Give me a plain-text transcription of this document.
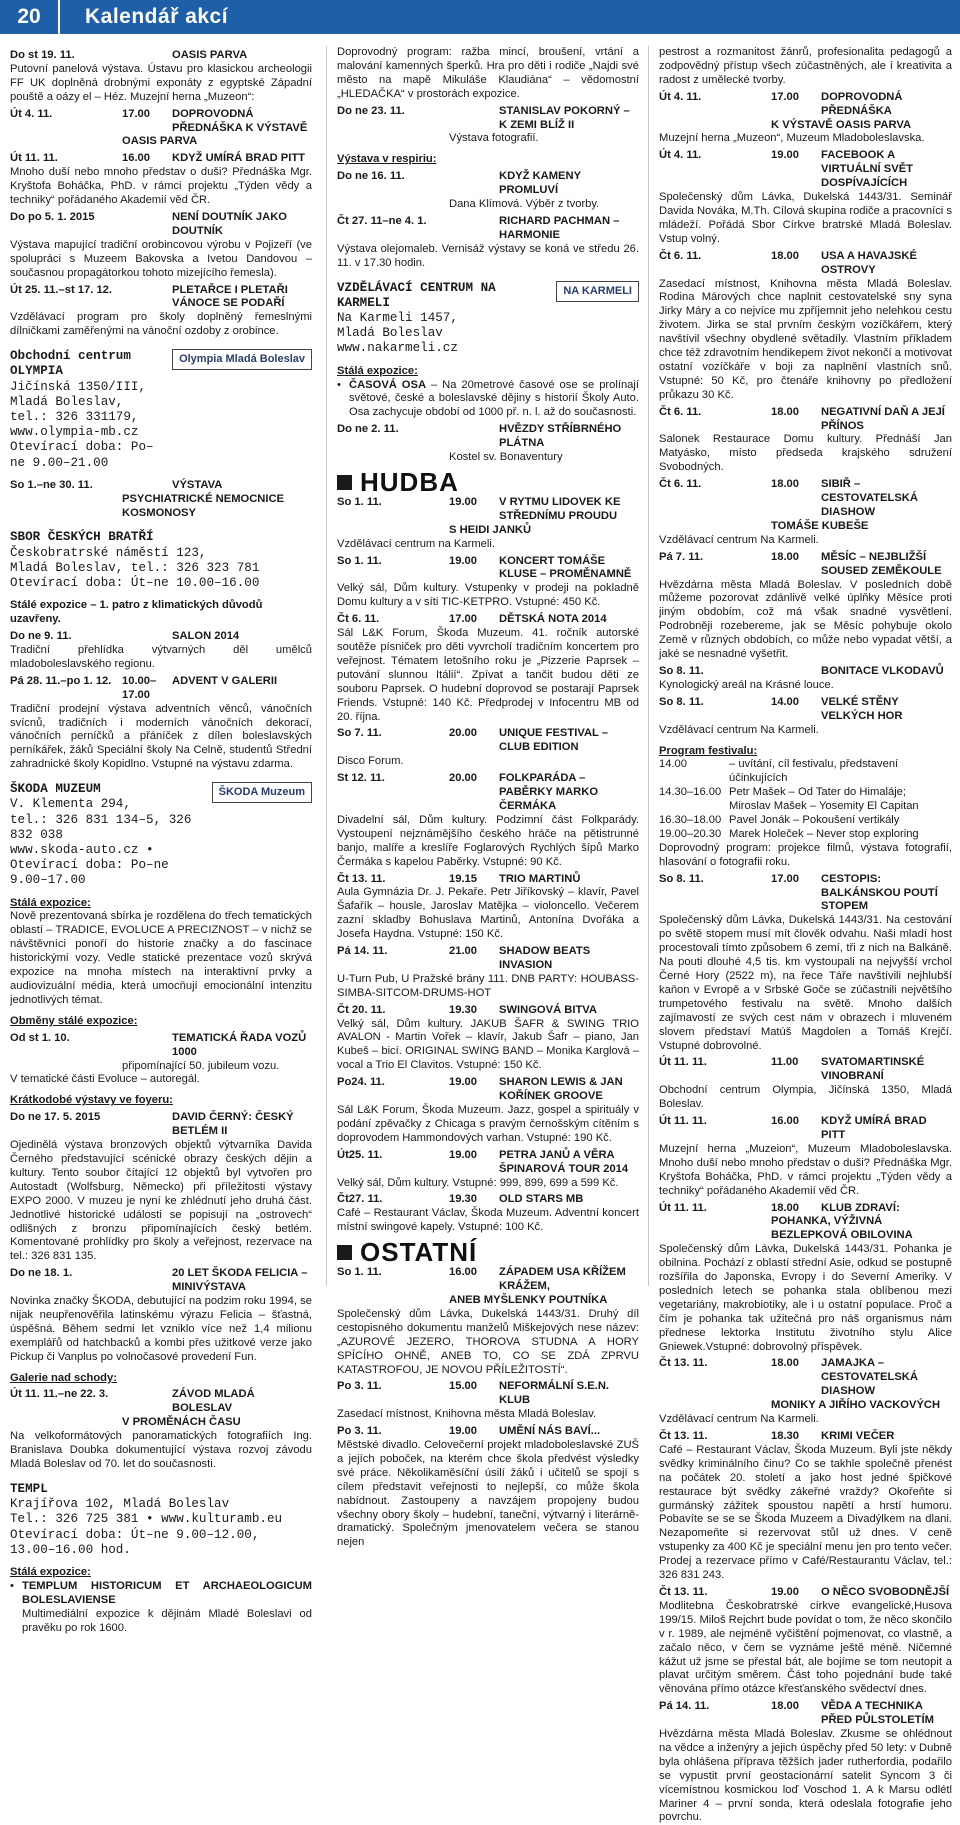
20	Kalendář akcí
Do st 19. 11.	OASIS PARVA

Putovní panelová výstava. Ústavu pro klasickou archeologii FF UK doplněná drobnými exponáty z egyptské Západní pouště a oázy el – Héz. Muzejní herna „Muzeon“:

Út 4. 11.	17.00	DOPROVODNÁ PŘEDNÁŠKA K VÝSTAVĚ
OASIS PARVA
Út 11. 11.	16.00	KDYŽ UMÍRÁ BRAD PITT

Mnoho duší nebo mnoho představ o duši? Přednáška Mgr. Kryštofa Boháčka, PhD. v rámci projektu „Týden vědy a techniky“ pořádaného Akademií věd ČR.

Do po 5. 1. 2015	NENÍ DOUTNÍK JAKO DOUTNÍK

Výstava mapující tradiční orobincovou výrobu v Pojizeří (ve spolupráci s Muzeem Bakovska a Ivetou Dandovou – současnou propagátorkou tohoto mizejícího řemesla).

Út 25. 11.–st 17. 12.	PLETAŘCE I PLETAŘI VÁNOCE SE PODAŘÍ

Vzdělávací program pro školy doplněný řemeslnými dílničkami zaměřenými na vánoční ozdoby z orobince.

Obchodní centrum OLYMPIA
Jičínská 1350/III, Mladá Boleslav,
tel.: 326 331179, www.olympia-mb.cz
Otevírací doba: Po–ne 9.00–21.00
Olympia Mladá Boleslav
So 1.–ne 30. 11.	VÝSTAVA
PSYCHIATRICKÉ NEMOCNICE KOSMONOSY
SBOR ČESKÝCH BRATŘÍ
Českobratrské náměstí 123,
Mladá Boleslav, tel.: 326 323 781
Otevírací doba: Út–ne 10.00–16.00

Stálé expozice – 1. patro z klimatických důvodů uzavřeny.

Do ne 9. 11.	SALON 2014

Tradiční přehlídka výtvarných děl umělců mladoboleslavského regionu.

Pá 28. 11.–po 1. 12. 10.00–17.00
ADVENT V GALERII

Tradiční prodejní výstava adventních věnců, vánočních svícnů, tradičních i moderních vánočních dekorací, vánočních perníčků a přáníček z dílen boleslavských perníkářek, žáků Speciální školy Na Celně, studentů Střední zahradnické školy Kopidlno. Vstupné na výstavu zdarma.

ŠKODA MUZEUM
V. Klementa 294,
tel.: 326 831 134–5, 326 832 038
www.skoda-auto.cz • Otevírací doba: Po–ne 9.00–17.00
ŠKODA Muzeum
Stálá expozice:

Nově prezentovaná sbírka je rozdělena do třech tematických oblastí – TRADICE, EVOLUCE A PRECIZNOST – v nichž se návštěvníci ponoří do historie značky a do fascinace historickými vozy. Vedle statické prezentace vozů skrývá expozice na mnoha místech na interaktivní prvky a audiovizuální média, která umocňují emocionální intenzitu jednotlivých témat.

Obměny stálé expozice:
Od st 1. 10.	TEMATICKÁ ŘADA VOZŮ 1000
připomínající 50. jubileum vozu.

V tematické části Evoluce – autoregál.

Krátkodobé výstavy ve foyeru:
Do ne 17. 5. 2015	DAVID ČERNÝ: ČESKÝ BETLÉM II

Ojedinělá výstava bronzových objektů výtvarníka Davida Černého představující scénické obrazy českých dějin a kultury. Tento soubor čítající 12 objektů byl vytvořen pro Autostadt (Wolfsburg, Německo) při příležitosti výstavy EXPO 2000. V muzeu je nyní ke zhlédnutí jeho druhá část. Jednotlivé historické události se popisují na „ostrovech“ odlišných z bronzu připomínajících český betlém. Komentované prohlídky pro školy a veřejnost, rezervace na tel.: 326 831 135.

Do ne 18. 1.	20 LET ŠKODA FELICIA – MINIVÝSTAVA

Novinka značky ŠKODA, debutující na podzim roku 1994, se nijak neupřenověřila latinskému výrazu Felicia – šťastná, úspěšná. Během sedmi let vzniklo více než 1,4 milionu exemplářů od hatchbacků a kombi přes užitkové verze jako Pickup či Vanplus po volnočasové provedení Fun.

Galerie nad schody:
Út 11. 11.–ne 22. 3.	ZÁVOD MLADÁ BOLESLAV
V PROMĚNÁCH ČASU

Na velkoformátových panoramatických fotografiích Ing. Branislava Doubka dokumentující výstava rozvoj závodu Mladá Boleslav od 70. let do současnosti.

TEMPL
Krajířova 102, Mladá Boleslav
Tel.: 326 725 381 • www.kulturamb.eu
Otevírací doba: Út–ne 9.00–12.00, 13.00–16.00 hod.
Stálá expozice:
• TEMPLUM HISTORICUM ET ARCHAEOLOGICUM BOLESLAVIENSE
Multimediální expozice k dějinám Mladé Boleslavi od pravěku po rok 1600.

Doprovodný program: ražba mincí, broušení, vrtání a malování kamenných šperků. Hra pro děti i rodiče „Najdi své město na mapě Mikuláše Klaudiána“ – vědomostní „HLEDAČKA“ v prostorách expozice.

Do ne 23. 11.	STANISLAV POKORNÝ – K ZEMI BLÍŽ II
Výstava fotografií.
Výstava v respiriu:
Do ne 16. 11.	KDYŽ KAMENY PROMLUVÍ
Dana Klímová. Výběr z tvorby.
Čt 27. 11–ne 4. 1.	RICHARD PACHMAN – HARMONIE

Výstava olejomaleb. Vernisáž výstavy se koná ve středu 26. 11. v 17.30 hodin.

VZDĚLÁVACÍ CENTRUM NA KARMELI
Na Karmeli 1457,
Mladá Boleslav
www.nakarmeli.cz
NA KARMELI
Stálá expozice:
• ČASOVÁ OSA – Na 20metrové časové ose se prolínají světové, české a boleslavské dějiny s historií Školy Auto. Osa zachycuje období od 1000 př. n. l. až do současnosti.
Do ne 2. 11.	HVĚZDY STŘÍBRNÉHO PLÁTNA
Kostel sv. Bonaventury
HUDBA
So 1. 11.	19.00	V RYTMU LIDOVEK KE STŘEDNÍMU PROUDU
S HEIDI JANKŮ

Vzdělávací centrum na Karmeli.

So 1. 11.	19.00	KONCERT TOMÁŠE KLUSE – PROMĚNAMNĚ

Velký sál, Dům kultury. Vstupenky v prodeji na pokladně Domu kultury a v síti TIC-KETPRO. Vstupné: 450 Kč.

Čt 6. 11.	17.00	DĚTSKÁ NOTA 2014

Sál L&K Forum, Škoda Muzeum. 41. ročník autorské soutěže písniček pro děti vyvrcholí tradičním koncertem pro veřejnost. Tématem letošního roku je „Pizzerie Paprsek – putování slunnou Itálií“. Zpívat a tančit budou děti ze souboru Paprsek. O hudební doprovod se postarají Paprsek Friends. Vstupné: 140 Kč. Předprodej v Infocentru MB od 20. října.

So 7. 11.	20.00	UNIQUE FESTIVAL – CLUB EDITION

Disco Forum.

St 12. 11.	20.00	FOLKPARÁDA – PABĚRKY MARKO ČERMÁKA

Divadelní sál, Dům kultury. Podzimní část Folkparády. Vystoupení nejznámějšího českého hráče na pětistrunné banjo, malíře a kreslíře Foglarových Rychlých šípů Marko Čermáka s kapelou Paběrky. Vstupné: 90 Kč.

Čt 13. 11.	19.15	TRIO MARTINŮ

Aula Gymnázia Dr. J. Pekaře. Petr Jiříkovský – klavír, Pavel Šafařík – housle, Jaroslav Matějka – violoncello. Večerem zazní skladby Bohuslava Martinů, Antonína Dvořáka a Josefa Haydna. Vstupné: 150 Kč.

Pá 14. 11.	21.00	SHADOW BEATS INVASION

U-Turn Pub, U Pražské brány 111. DNB PARTY: HOUBASS-SIMBA-SITCOM-DRUMS-HOT

Čt 20. 11.	19.30	SWINGOVÁ BITVA

Velký sál, Dům kultury. JAKUB ŠAFR & SWING TRIO AVALON - Martin Vořek – klavír, Jakub Šafr – piano, Jan Kubeš – bicí. ORIGINAL SWING BAND – Monika Karglová – vocal a Trio El Clavitos. Vstupné: 150 Kč.

Po24. 11.	19.00	SHARON LEWIS & JAN KOŘÍNEK GROOVE

Sál L&K Forum, Škoda Muzeum. Jazz, gospel a spirituály v podání zpěvačky z Chicaga s pravým černošským cítěním s doprovodem Hammondových varhan. Vstupné: 190 Kč.

Út25. 11.	19.00	PETRA JANŮ A VĚRA ŠPINAROVÁ TOUR 2014

Velký sál, Dům kultury. Vstupné: 999, 899, 699 a 599 Kč.

Čt27. 11.	19.30	OLD STARS MB

Café – Restaurant Václav, Škoda Muzeum. Adventní koncert místní swingové kapely. Vstupné: 100 Kč.

OSTATNÍ
So 1. 11.	16.00	ZÁPADEM USA KŘÍŽEM KRÁŽEM,
ANEB MYŠLENKY POUTNÍKA

Společenský dům Lávka, Dukelská 1443/31. Druhý díl cestopisného dokumentu manželů Miškejových nese název: „AZUROVÉ JEZERO, THOROVA STUDNA A HORY SPÍCÍHO OHNĚ, ANEB TO, CO SE ZDÁ ZPRVU KATASTROFOU, JE NOVOU PŘÍLEŽITOSTÍ“.

Po 3. 11.	15.00	NEFORMÁLNÍ S.E.N. KLUB

Zasedací místnost, Knihovna města Mladá Boleslav.

Po 3. 11.	19.00	UMĚNÍ NÁS BAVÍ...

Městské divadlo. Celovečerní projekt mladoboleslavské ZUŠ a jejích poboček, na kterém chce škola předvést výsledky své práce. Několikaměsíční úsilí žáků i učitelů se spojí s cílem představit veřejnosti to nejlepší, co může škola nabídnout. Zastoupeny a navzájem propojeny budou všechny obory školy – hudební, taneční, výtvarný i literárně-dramatický. Společným jmenovatelem večera se stanou nejen

pestrost a rozmanitost žánrů, profesionalita pedagogů a zodpovědný přístup všech zúčastněných, ale i kreativita a radost z umělecké tvorby.

Út 4. 11.	17.00	DOPROVODNÁ PŘEDNÁŠKA
K VÝSTAVĚ OASIS PARVA

Muzejní herna „Muzeon“, Muzeum Mladoboleslavska.

Út 4. 11.	19.00	FACEBOOK A VIRTUÁLNÍ SVĚT DOSPÍVAJÍCÍCH

Společenský dům Lávka, Dukelská 1443/31. Seminář Davida Nováka, M.Th. Cílová skupina rodiče a pracovníci s mládeží. Pořádá Sbor Církve bratrské Mladá Boleslav. Vstup volný.

Čt 6. 11.	18.00	USA A HAVAJSKÉ OSTROVY

Zasedací místnost, Knihovna města Mladá Boleslav. Rodina Márových chce naplnit cestovatelské sny syna Jirky Máry a co nejvíce mu zpříjemnit jeho nelehkou cestu životem. Jirka se stal prvním českým vozíčkářem, který navštívil všechny obydlené světadíly. Vlastním příkladem chce též zdravotním hendikepem život nekončí a motivovat ostatní vozíčkáře v boji za naplnění vlastních snů. Vstupné: 50 Kč, pro čtenáře knihovny po předložení průkazu 30 Kč.

Čt 6. 11.	18.00	NEGATIVNÍ DAŇ A JEJÍ PŘÍNOS

Salonek Restaurace Domu kultury. Přednáší Jan Matyásko, místo předseda krajského sdružení Svobodných.

Čt 6. 11.	18.00	SIBIŘ – CESTOVATELSKÁ DIASHOW
TOMÁŠE KUBEŠE

Vzdělávací centrum Na Karmeli.

Pá 7. 11.	18.00	MĚSÍC – NEJBLIŽŠÍ SOUSED ZEMĚKOULE

Hvězdárna města Mladá Boleslav. V posledních době můžeme pozorovat zdánlivě velké úplňky Měsíce proti jiným obdobím, což má však snadné vysvětlení. Podrobněji rozebereme, jak se Měsíc pohybuje okolo Země v různých obdobích, co může nebo vypadat větší, a jaké se nesnadné vyšetřit.

So 8. 11.	BONITACE VLKODAVŮ

Kynologický areál na Krásné louce.

So 8. 11.	14.00	VELKÉ STĚNY VELKÝCH HOR

Vzdělávací centrum Na Karmeli.

Program festivalu:
14.00	– uvítání, cíl festivalu, představení účinkujících
14.30–16.00 Petr Mašek – Od Tater do Himaláje;
Miroslav Mašek – Yosemity El Capitan
16.30–18.00 Pavel Jonák – Pokoušení vertikály
19.00–20.30 Marek Holeček – Never stop exploring

Doprovodný program: projekce filmů, výstava fotografií, hlasování o fotografii roku.

So 8. 11.	17.00	CESTOPIS: BALKÁNSKOU POUTÍ STOPEM

Společenský dům Lávka, Dukelská 1443/31. Na cestování po světě stopem musí mít člověk odvahu. Naši mladí host procestovali tímto způsobem 6 zemí, tři z nich na Balkáně. Na pouti dlouhé 4,5 tis. km vystoupali na nejvyšší vrchol Černé Hory (2522 m), na řece Táře navštívili nejhlubší kaňon v Evropě a v Srbské Goče se zúčastnili největšího trumpetového festivalu na světě. Mnoho dalších zajímavostí ze svých cest nám v obrazech i mluveném slovem představí Matúš Magdolen a Tomáš Krejčí. Vstupné dobrovolné.

Út 11. 11.	11.00	SVATOMARTINSKÉ VINOBRANÍ

Obchodní centrum Olympia, Jičínská 1350, Mladá Boleslav.

Út 11. 11.	16.00	KDYŽ UMÍRÁ BRAD PITT

Muzejní herna „Muzeion“, Muzeum Mladoboleslavska. Mnoho duší nebo mnoho představ o duši? Přednáška Mgr. Kryštofa Boháčka, PhD. v rámci projektu „Týden vědy a techniky“ pořádaného Akademií věd ČR.

Út 11. 11.	18.00	KLUB ZDRAVÍ:
POHANKA, VÝŽIVNÁ BEZLEPKOVÁ OBILOVINA

Společenský dům Lávka, Dukelská 1443/31. Pohanka je obilnina. Pochází z oblastí střední Asie, odkud se postupně rozšířila do Japonska, Evropy i do Severní Ameriky. V posledních letech se pohanka stala oblíbenou mezi vegetariány, makrobiotiky, ale i u ostatní populace. Proč a čím je pohanka tak užitečná pro náš organismus nám přednese lektorka Institutu životního stylu Alice Gniewek.Vstupné: dobrovolný příspěvek.

Čt 13. 11.	18.00	JAMAJKA – CESTOVATELSKÁ DIASHOW
MONIKY A JIŘÍHO VACKOVÝCH

Vzdělávací centrum Na Karmeli.

Čt 13. 11.	18.30	KRIMI VEČER

Café – Restaurant Václav, Škoda Muzeum. Byli jste někdy svědky kriminálního činu? Co se takhle společně přenést na počátek 20. století a jako host jedné špičkové restaurace být svědky zákeřné vraždy? Okořeňte si gurmánský zážitek spoustou napětí a hrstí humoru. Pobavíte se se se Škoda Muzeem a Divadýlkem na dlani. Nezapomeňte si rezervovat stůl už dnes. V ceně vstupenky za 400 Kč je speciální menu jen pro tento večer. Prodej a rezervace přímo v Café/Restaurantu Václav, tel.: 326 831 243.

Čt 13. 11.	19.00	O NĚCO SVOBODNĚJŠÍ

Modlitebna Českobratrské církve evangelické,Husova 199/15. Miloš Rejchrt bude povídat o tom, že něco skončilo v r. 1989, ale nejméně vyčištění pojmenovat, co vlastně, a začalo něco, v čem se vyznáme ještě méně. Ničemné kážut už jsme se přestal bát, ale bojíme se tom neutopit a plavat určitým směrem. Část toho pojednání bude také věnována přímo otázce křesťanského svědectví dnes.

Pá 14. 11.	18.00	VĚDA A TECHNIKA PŘED PŮLSTOLETÍM

Hvězdárna města Mladá Boleslav. Zkusme se ohlédnout na vědce a inženýry a jejich úspěchy před 50 lety: v Dubně byla ohlášena příprava těžších jader rutherfordia, podařilo se vypustit první geostacionární satelit Syncom 3 či vícemístnou kosmickou loď Voschod 1. A k Marsu odlétl Mariner 4 – první sonda, která odeslala fotografie jeho povrchu.
